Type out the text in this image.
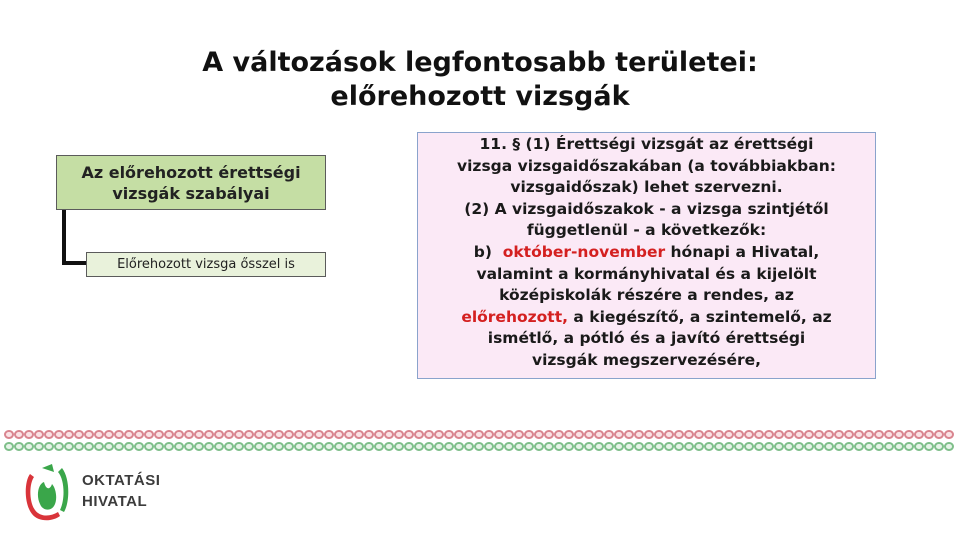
A változások legfontosabb területei:
előrehozott vizsgák
Az előrehozott érettségi
vizsgák szabályai
Előrehozott vizsga ősszel is
11. § (1) Érettségi vizsgát az érettségi
vizsga vizsgaidőszakában (a továbbiakban:
vizsgaidőszak) lehet szervezni.
(2) A vizsgaidőszakok - a vizsga szintjétől
függetlenül - a következők:
b)  október-november hónapi a Hivatal,
valamint a kormányhivatal és a kijelölt
középiskolák részére a rendes, az
előrehozott, a kiegészítő, a szintemelő, az
ismétlő, a pótló és a javító érettségi
vizsgák megszervezésére,
OKTATÁSI
HIVATAL
